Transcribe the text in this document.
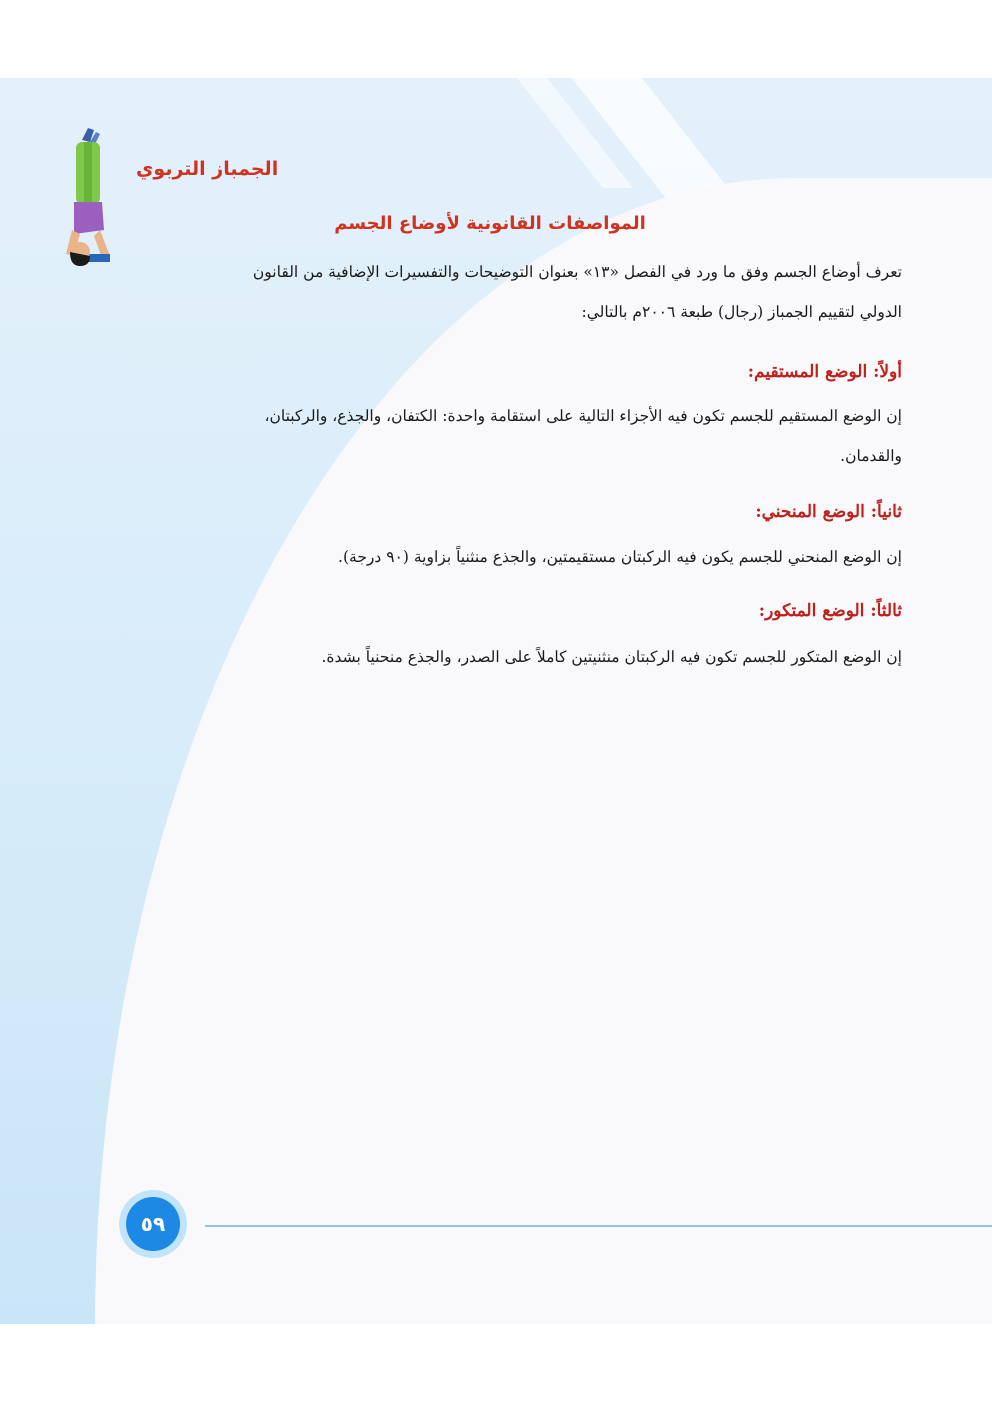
الجمباز التربوي
المواصفات القانونية لأوضاع الجسم

تعرف أوضاع الجسم وفق ما ورد في الفصل «١٣» بعنوان التوضيحات والتفسيرات الإضافية من القانون

الدولي لتقييم الجمباز (رجال) طبعة ٢٠٠٦م بالتالي:

أولاً: الوضع المستقيم:

إن الوضع المستقيم للجسم تكون فيه الأجزاء التالية على استقامة واحدة: الكتفان، والجذع، والركبتان،

والقدمان.

ثانياً: الوضع المنحني:

إن الوضع المنحني للجسم يكون فيه الركبتان مستقيمتين، والجذع منثنياً بزاوية (٩٠ درجة).

ثالثاً: الوضع المتكور:

إن الوضع المتكور للجسم تكون فيه الركبتان منثنيتين كاملاً على الصدر، والجذع منحنياً بشدة.

٥٩
